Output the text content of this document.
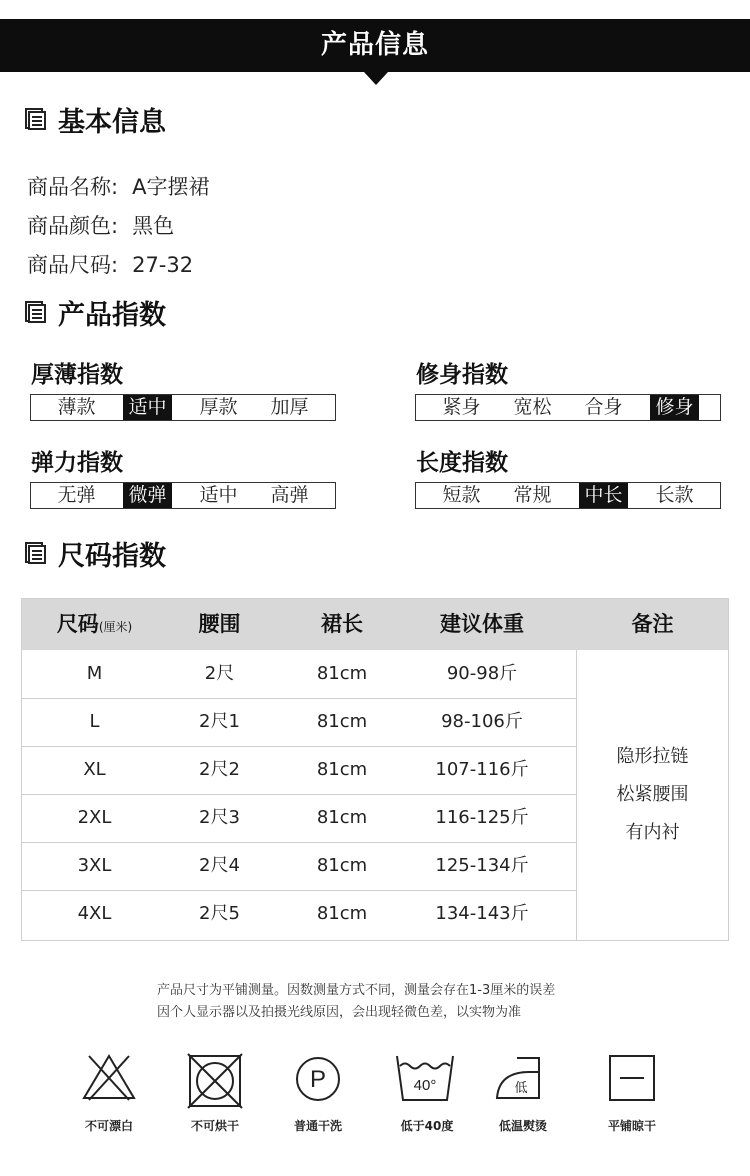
产品信息
基本信息
商品名称: A字摆裙
商品颜色: 黑色
商品尺码: 27-32
产品指数
厚薄指数
薄款 适中 厚款 加厚
修身指数
紧身 宽松 合身 修身
弹力指数
无弹 微弹 适中 高弹
长度指数
短款 常规 中长 长款
尺码指数
尺码(厘米)	腰围	裙长	建议体重	备注
M	2尺	81cm	90-98斤
L	2尺1	81cm	98-106斤
XL	2尺2	81cm	107-116斤
2XL	2尺3	81cm	116-125斤
3XL	2尺4	81cm	125-134斤
4XL	2尺5	81cm	134-143斤
隐形拉链
松紧腰围
有内衬
产品尺寸为平铺测量。因数测量方式不同，测量会存在1-3厘米的误差
因个人显示器以及拍摄光线原因，会出现轻微色差，以实物为准
不可漂白	不可烘干
P
普通干洗
40°
低于40度
低
低温熨烫	平铺晾干
